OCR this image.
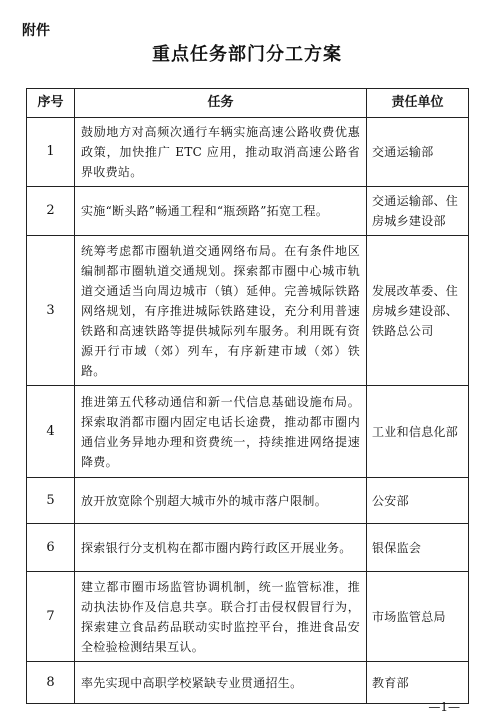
附件
重点任务部门分工方案
序号	任务	责任单位
1	鼓励地方对高频次通行车辆实施高速公路收费优惠政策，加快推广 ETC 应用，推动取消高速公路省界收费站。	交通运输部
2	实施“断头路”畅通工程和“瓶颈路”拓宽工程。	交通运输部、住房城乡建设部
3	统筹考虑都市圈轨道交通网络布局。在有条件地区编制都市圈轨道交通规划。探索都市圈中心城市轨道交通适当向周边城市（镇）延伸。完善城际铁路网络规划，有序推进城际铁路建设，充分利用普速铁路和高速铁路等提供城际列车服务。利用既有资源开行市域（郊）列车，有序新建市域（郊）铁路。	发展改革委、住房城乡建设部、铁路总公司
4	推进第五代移动通信和新一代信息基础设施布局。探索取消都市圈内固定电话长途费，推动都市圈内通信业务异地办理和资费统一，持续推进网络提速降费。	工业和信息化部
5	放开放宽除个别超大城市外的城市落户限制。	公安部
6	探索银行分支机构在都市圈内跨行政区开展业务。	银保监会
7	建立都市圈市场监管协调机制，统一监管标准，推动执法协作及信息共享。联合打击侵权假冒行为，探索建立食品药品联动实时监控平台，推进食品安全检验检测结果互认。	市场监管总局
8	率先实现中高职学校紧缺专业贯通招生。	教育部
—1—
